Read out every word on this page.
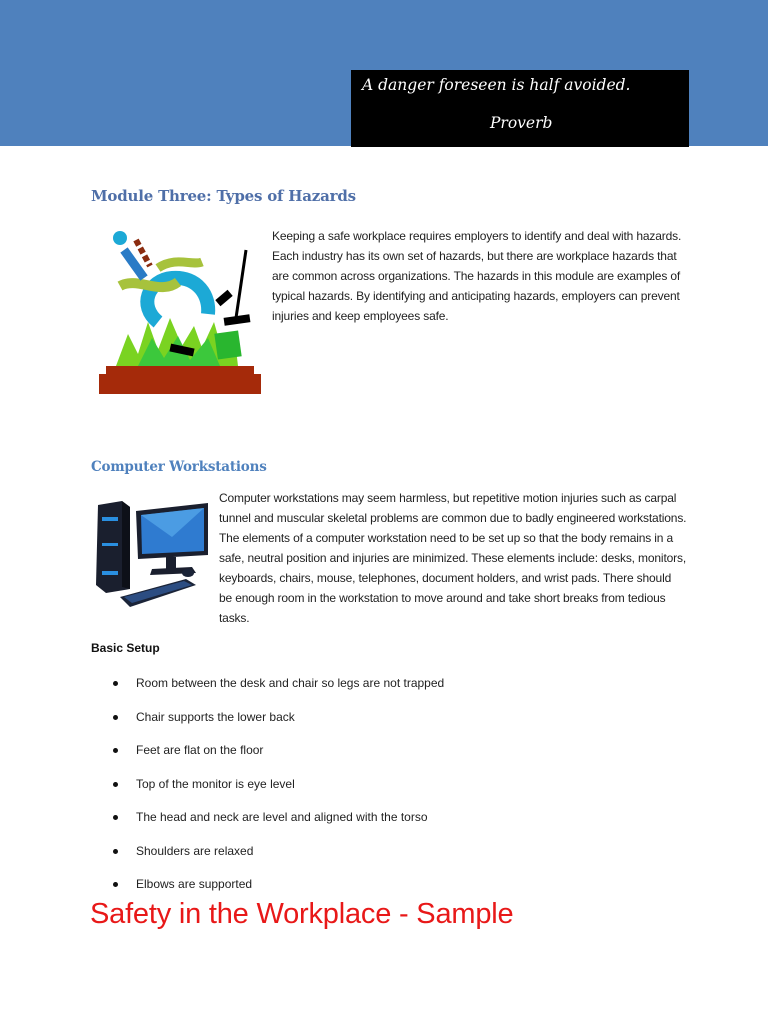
A danger foreseen is half avoided.
Proverb
Module Three: Types of Hazards
Keeping a safe workplace requires employers to identify and deal with hazards. Each industry has its own set of hazards, but there are workplace hazards that are common across organizations. The hazards in this module are examples of typical hazards. By identifying and anticipating hazards, employers can prevent injuries and keep employees safe.
Computer Workstations
Computer workstations may seem harmless, but repetitive motion injuries such as carpal tunnel and muscular skeletal problems are common due to badly engineered workstations. The elements of a computer workstation need to be set up so that the body remains in a safe, neutral position and injuries are minimized. These elements include: desks, monitors, keyboards, chairs, mouse, telephones, document holders, and wrist pads. There should be enough room in the workstation to move around and take short breaks from tedious tasks.
Basic Setup
Room between the desk and chair so legs are not trapped
Chair supports the lower back
Feet are flat on the floor
Top of the monitor is eye level
The head and neck are level and aligned with the torso
Shoulders are relaxed
Elbows are supported
Safety in the Workplace - Sample
